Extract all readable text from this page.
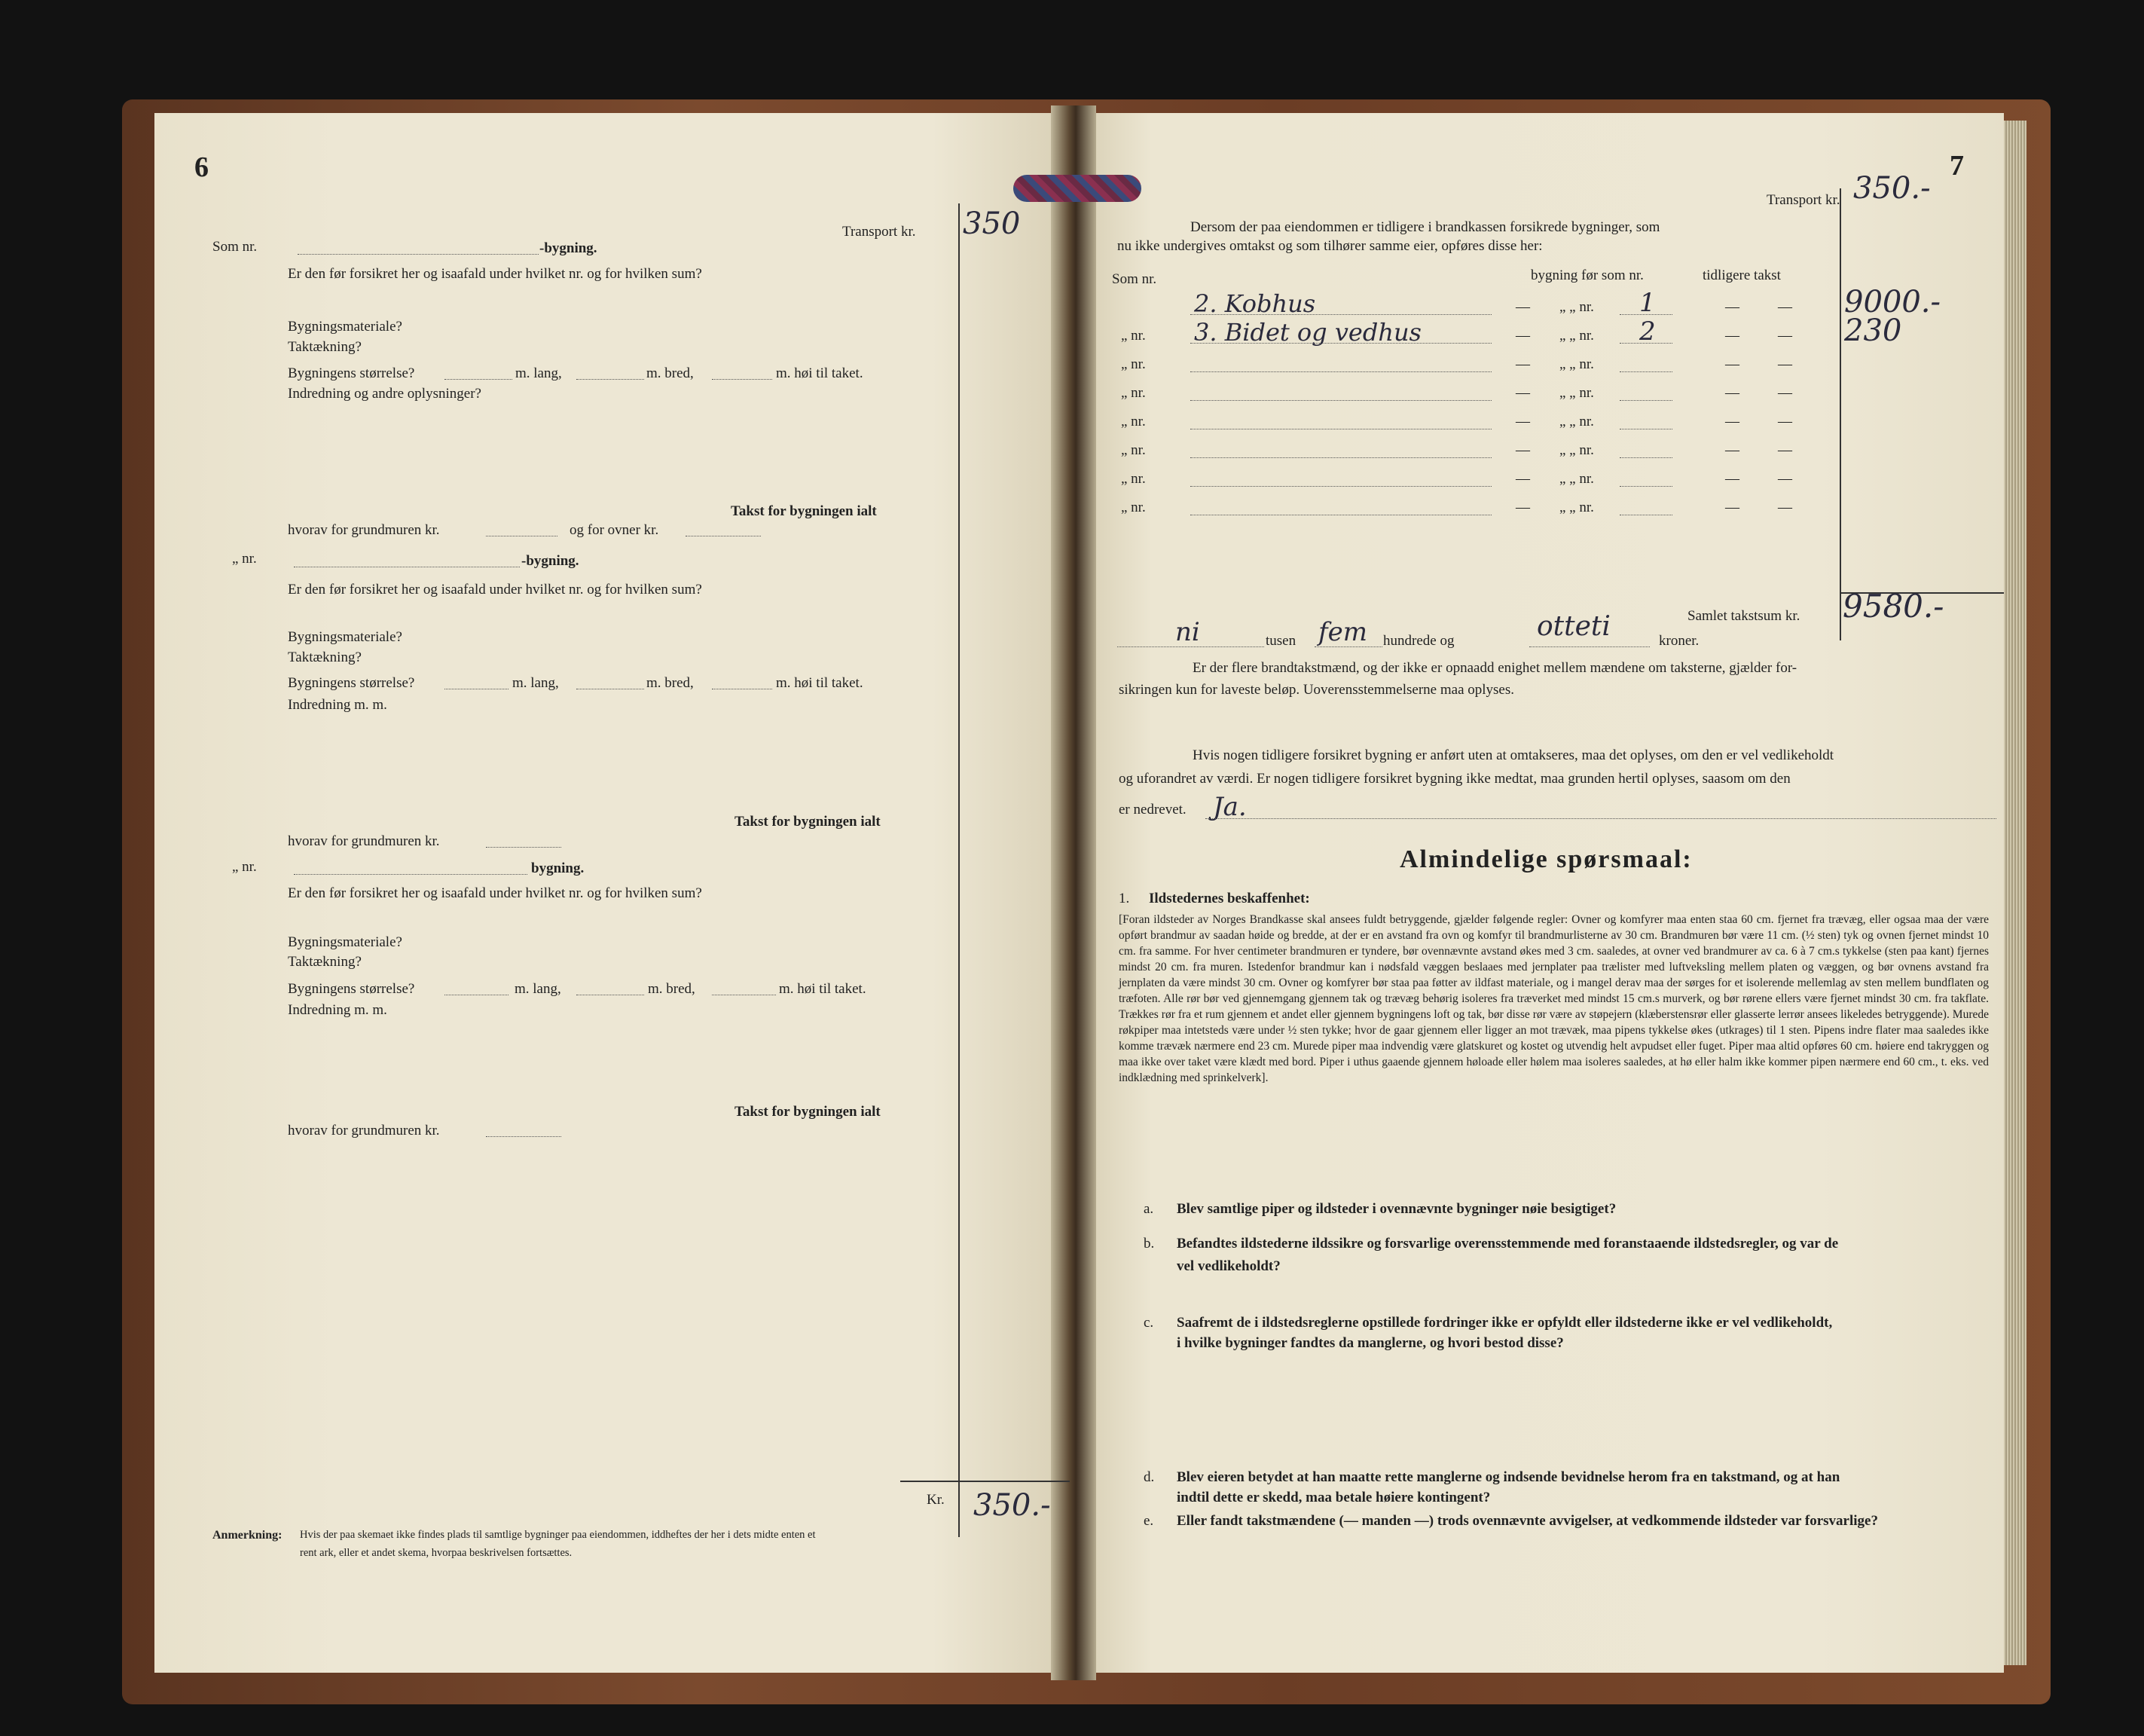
6
Transport kr. 350
Som nr.	-bygning.
Er den før forsikret her og isaafald under hvilket nr. og for hvilken sum?
Bygningsmateriale?
Taktækning?
Bygningens størrelse?	m. lang,	m. bred,	m. høi til taket.
Indredning og andre oplysninger?
Takst for bygningen ialt
hvorav for grundmuren kr.	og for ovner kr.
„ nr.	-bygning.
Er den før forsikret her og isaafald under hvilket nr. og for hvilken sum?
Bygningsmateriale?
Taktækning?
Bygningens størrelse?	m. lang,	m. bred,	m. høi til taket.
Indredning m. m.
Takst for bygningen ialt
hvorav for grundmuren kr.
„ nr.	bygning.
Er den før forsikret her og isaafald under hvilket nr. og for hvilken sum?
Bygningsmateriale?
Taktækning?
Bygningens størrelse?	m. lang,	m. bred,	m. høi til taket.
Indredning m. m.
Takst for bygningen ialt
hvorav for grundmuren kr.
Kr. 350.-
Anmerkning: Hvis der paa skemaet ikke findes plads til samtlige bygninger paa eiendommen, iddheftes der her i dets midte enten et
rent ark, eller et andet skema, hvorpaa beskrivelsen fortsættes.
7
Transport kr. 350.-
Dersom der paa eiendommen er tidligere i brandkassen forsikrede bygninger, som
nu ikke undergives omtakst og som tilhører samme eier, opføres disse her:
Som nr.	bygning før som nr.	tidligere takst
2. Kobhus	— „ „ nr. 1	—	— 9000.-
„ nr. 3. Bidet og vedhus	— „ „ nr. 2	—	— 230
„ nr.	— „ „ nr.	—	—
„ nr.	— „ „ nr.	—	—
„ nr.	— „ „ nr.	—	—
„ nr.	— „ „ nr.	—	—
„ nr.	— „ „ nr.	—	—
„ nr.	— „ „ nr.	—	—
Samlet takstsum kr. 9580.-
ni	tusen fem hundrede og	otteti	kroner.
Er der flere brandtakstmænd, og der ikke er opnaadd enighet mellem mændene om taksterne, gjælder for-
sikringen kun for laveste beløp. Uoverensstemmelserne maa oplyses.
Hvis nogen tidligere forsikret bygning er anført uten at omtakseres, maa det oplyses, om den er vel vedlikeholdt
og uforandret av værdi. Er nogen tidligere forsikret bygning ikke medtat, maa grunden hertil oplyses, saasom om den
er nedrevet. Ja.
Almindelige spørsmaal:
1. Ildstedernes beskaffenhet:
[Foran ildsteder av Norges Brandkasse skal ansees fuldt betryggende, gjælder følgende regler: Ovner og komfyrer maa enten staa 60 cm. fjernet fra trævæg, eller ogsaa maa der være opført brandmur av saadan høide og bredde, at der er en avstand fra ovn og komfyr til brandmurlisterne av 30 cm. Brandmuren bør være 11 cm. (½ sten) tyk og ovnen fjernet mindst 10 cm. fra samme. For hver centimeter brandmuren er tyndere, bør ovennævnte avstand økes med 3 cm. saaledes, at ovner ved brandmurer av ca. 6 à 7 cm.s tykkelse (sten paa kant) fjernes mindst 20 cm. fra muren. Istedenfor brandmur kan i nødsfald væggen beslaaes med jernplater paa trælister med luftveksling mellem platen og væggen, og bør ovnens avstand fra jernplaten da være mindst 30 cm. Ovner og komfyrer bør staa paa føtter av ildfast materiale, og i mangel derav maa der sørges for et isolerende mellemlag av sten mellem bundflaten og træfoten. Alle rør bør ved gjennemgang gjennem tak og trævæg behørig isoleres fra træverket med mindst 15 cm.s murverk, og bør rørene ellers være fjernet mindst 30 cm. fra takflate. Trækkes rør fra et rum gjennem et andet eller gjennem bygningens loft og tak, bør disse rør være av støpejern (klæberstensrør eller glasserte lerrør ansees likeledes betryggende). Murede røkpiper maa intetsteds være under ½ sten tykke; hvor de gaar gjennem eller ligger an mot trævæk, maa pipens tykkelse økes (utkrages) til 1 sten. Pipens indre flater maa saaledes ikke komme trævæk nærmere end 23 cm. Murede piper maa indvendig være glatskuret og kostet og utvendig helt avpudset eller fuget. Piper maa altid opføres 60 cm. høiere end takryggen og maa ikke over taket være klædt med bord. Piper i uthus gaaende gjennem høloade eller hølem maa isoleres saaledes, at hø eller halm ikke kommer pipen nærmere end 60 cm., t. eks. ved indklædning med sprinkelverk].
a. Blev samtlige piper og ildsteder i ovennævnte bygninger nøie besigtiget?
b. Befandtes ildstederne ildssikre og forsvarlige overensstemmende med foranstaaende ildstedsregler, og var de
vel vedlikeholdt?
c. Saafremt de i ildstedsreglerne opstillede fordringer ikke er opfyldt eller ildstederne ikke er vel vedlikeholdt,
i hvilke bygninger fandtes da manglerne, og hvori bestod disse?
d. Blev eieren betydet at han maatte rette manglerne og indsende bevidnelse herom fra en takstmand, og at han
indtil dette er skedd, maa betale høiere kontingent?
e. Eller fandt takstmændene (— manden —) trods ovennævnte avvigelser, at vedkommende ildsteder var forsvarlige?
